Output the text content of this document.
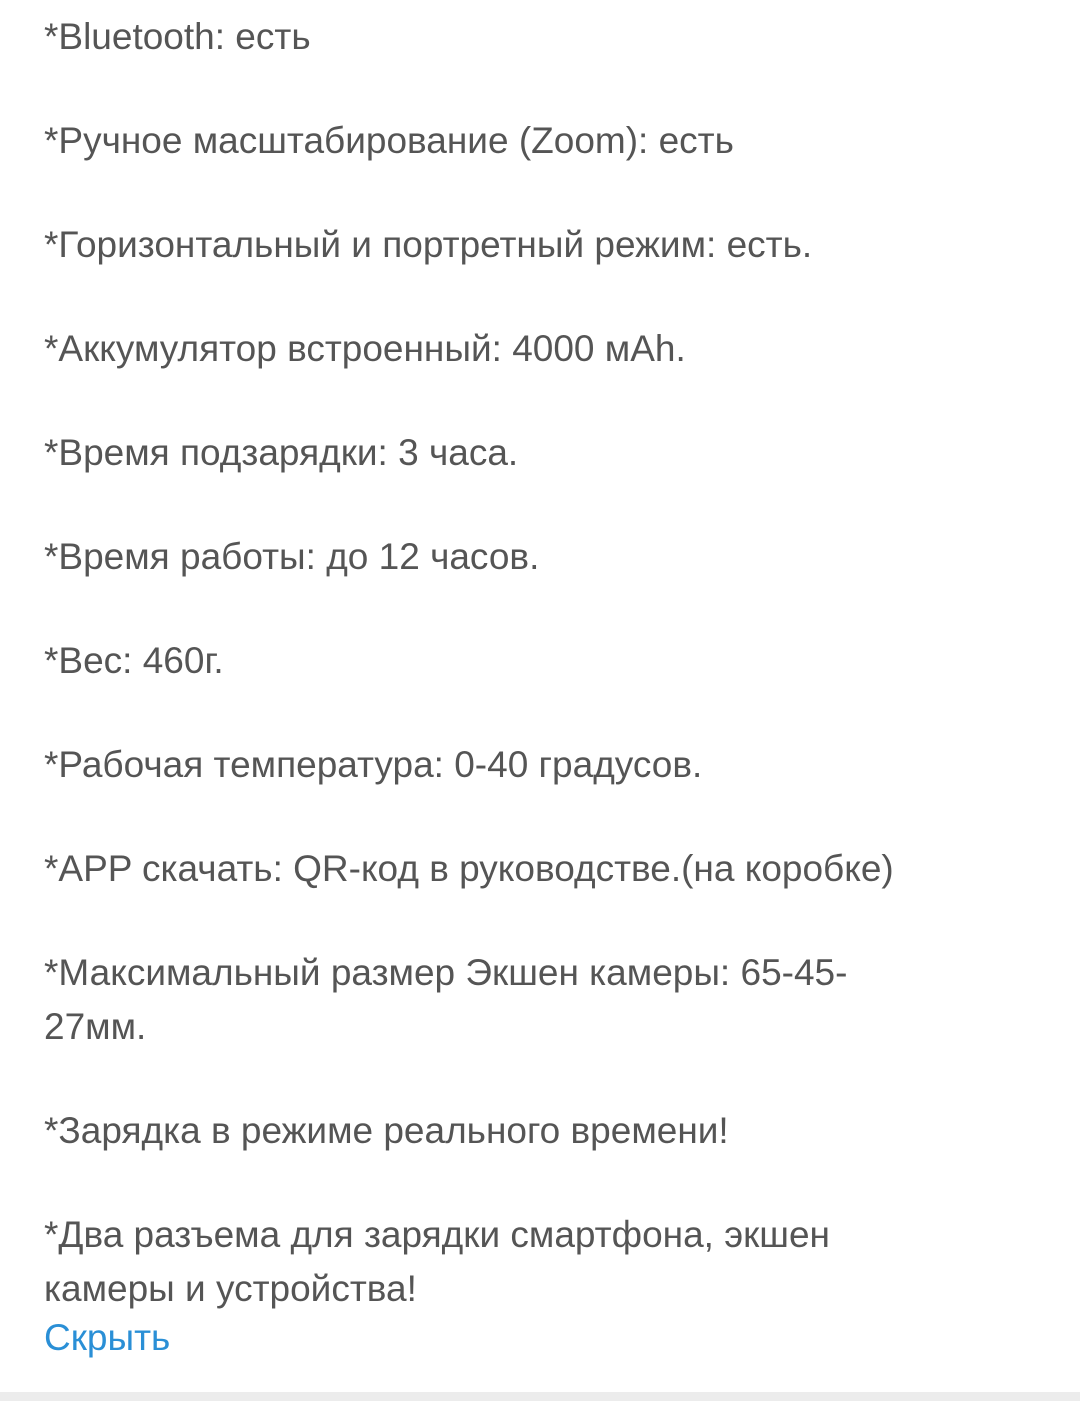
*Bluetooth: есть
*Ручное масштабирование (Zoom): есть
*Горизонтальный и портретный режим: есть.
*Аккумулятор встроенный: 4000 мАh.
*Время подзарядки: 3 часа.
*Время работы: до 12 часов.
*Вес: 460г.
*Рабочая температура: 0-40 градусов.
*APP скачать: QR-код в руководстве.(на коробке)
*Максимальный размер Экшен камеры: 65-45-27мм.
*Зарядка в режиме реального времени!
*Два разъема для зарядки смартфона, экшен камеры и устройства!
Скрыть
